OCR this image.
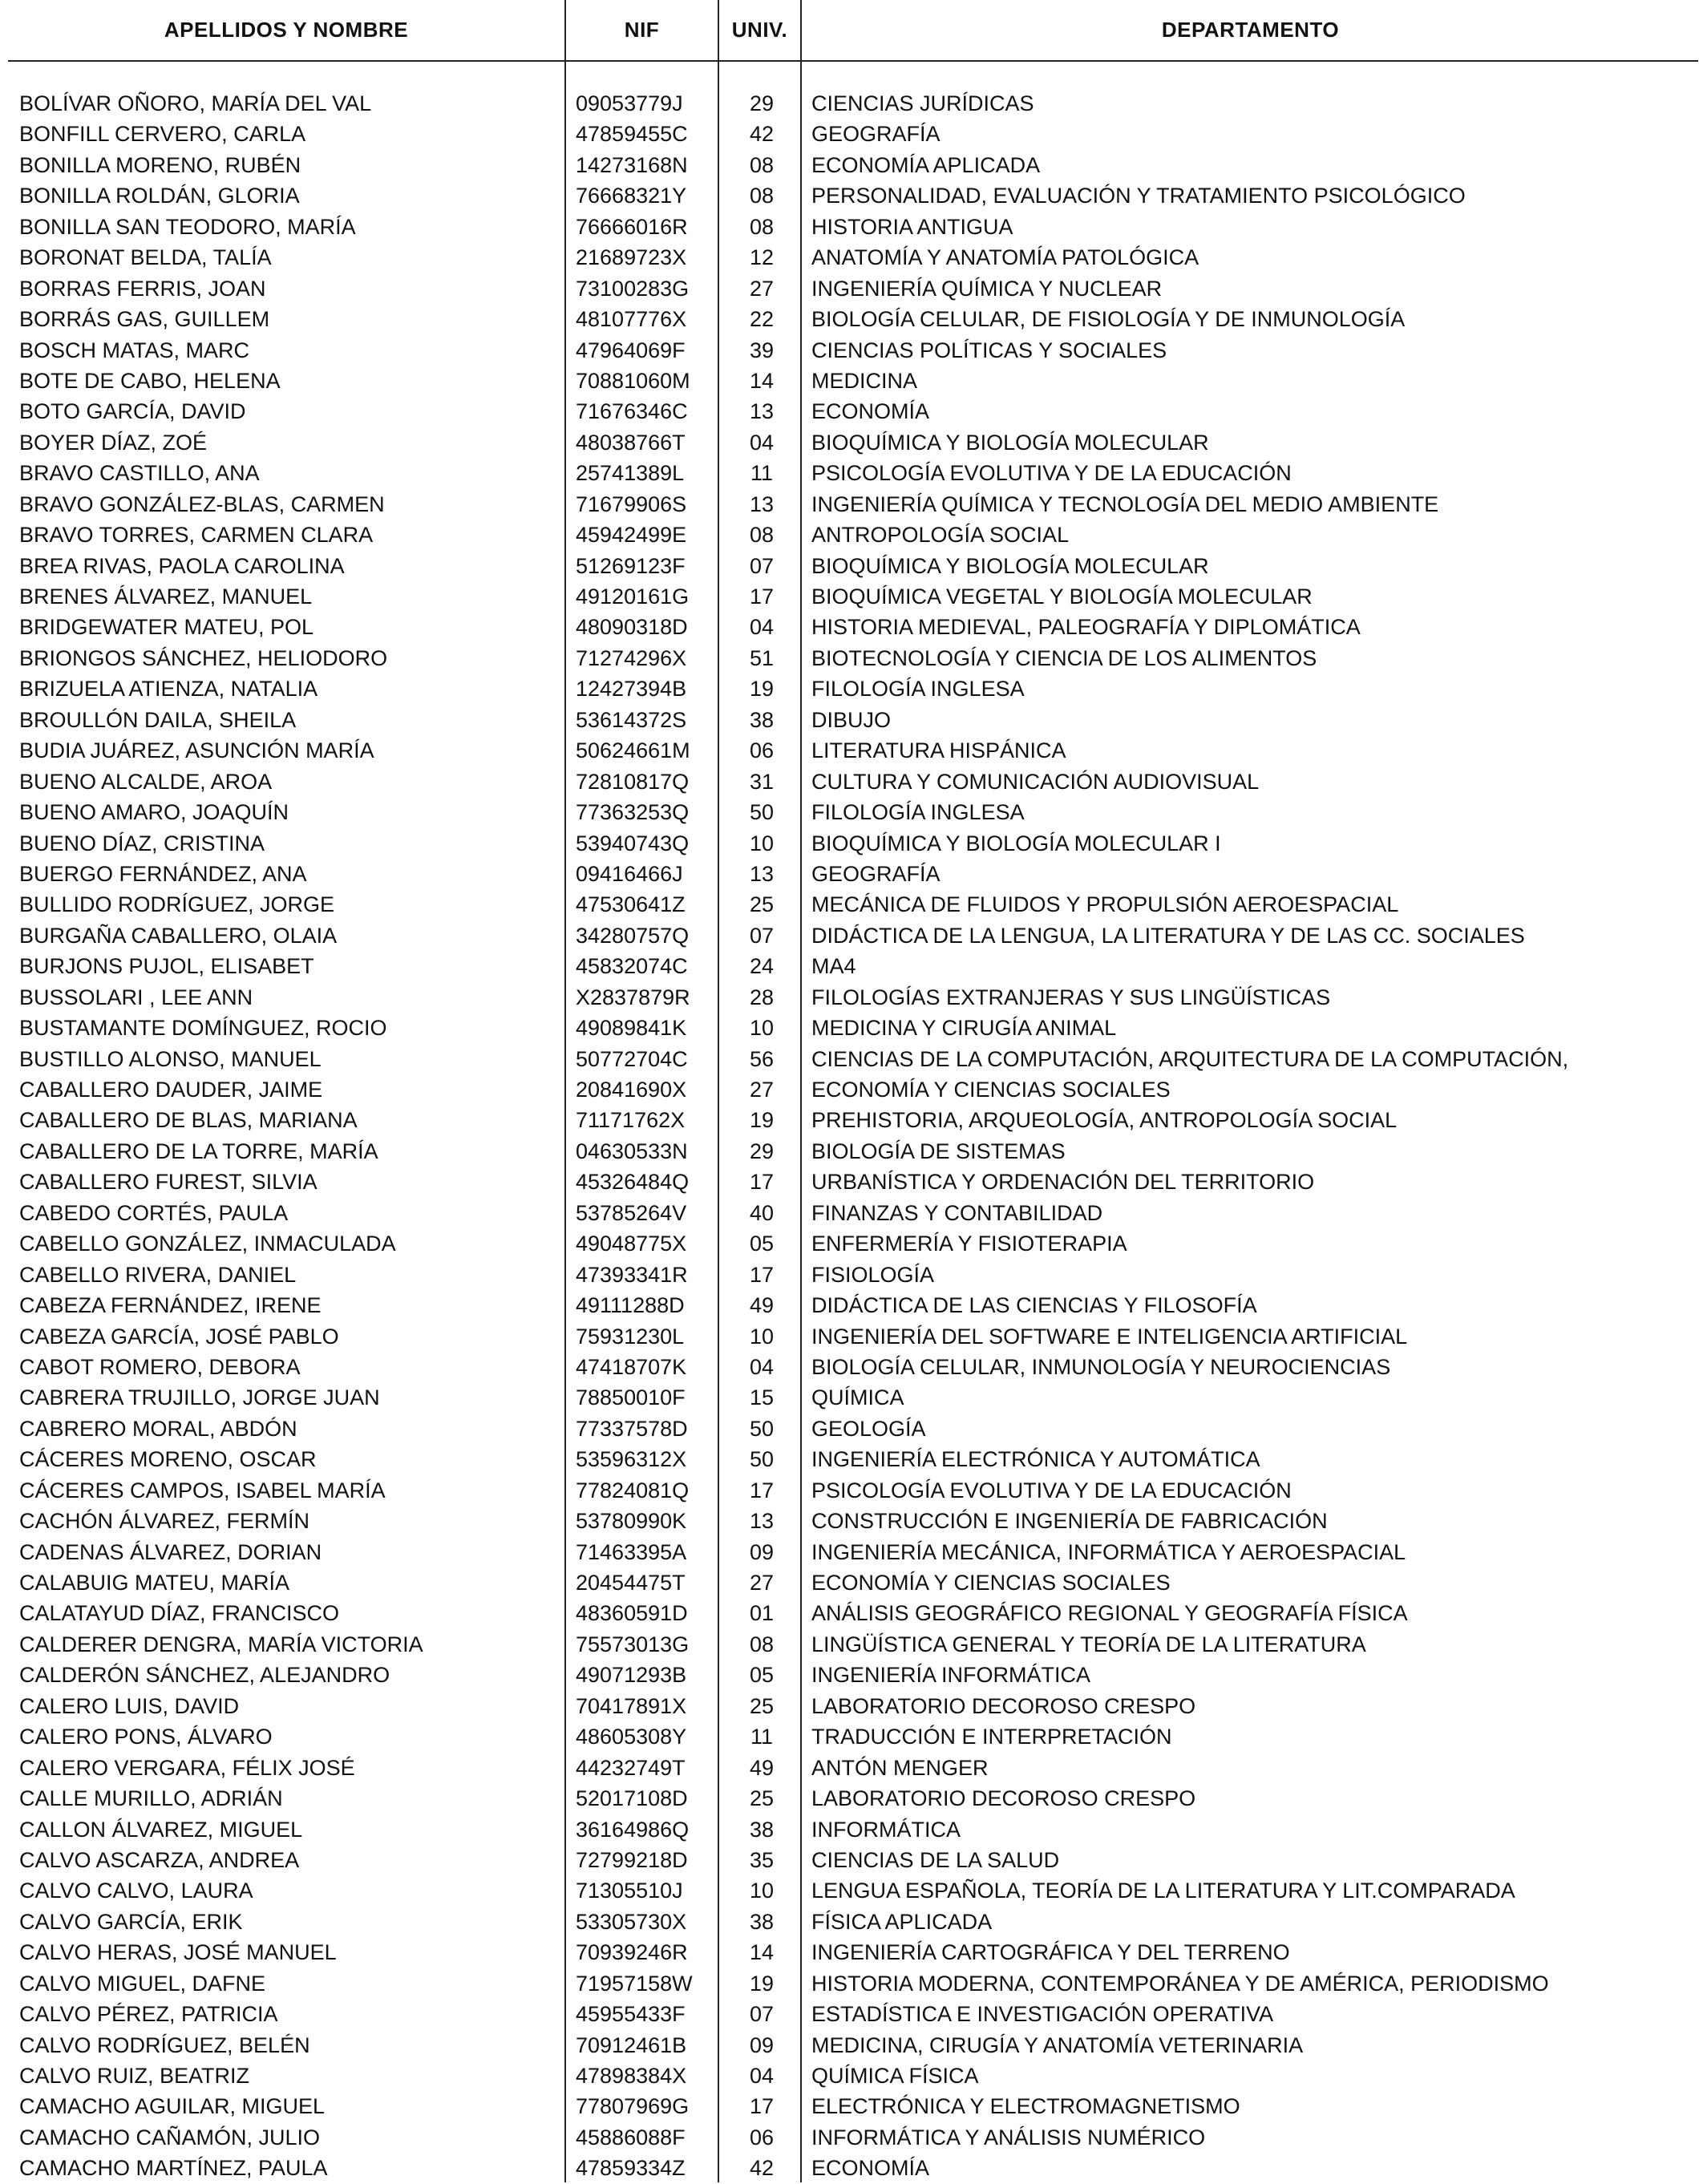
APELLIDOS Y NOMBRE	NIF	UNIV.	DEPARTAMENTO
BOLÍVAR OÑORO, MARÍA DEL VAL	09053779J	29	CIENCIAS JURÍDICAS
BONFILL CERVERO, CARLA	47859455C	42	GEOGRAFÍA
BONILLA MORENO, RUBÉN	14273168N	08	ECONOMÍA APLICADA
BONILLA ROLDÁN, GLORIA	76668321Y	08	PERSONALIDAD, EVALUACIÓN Y TRATAMIENTO PSICOLÓGICO
BONILLA SAN TEODORO, MARÍA	76666016R	08	HISTORIA ANTIGUA
BORONAT BELDA, TALÍA	21689723X	12	ANATOMÍA Y ANATOMÍA PATOLÓGICA
BORRAS FERRIS, JOAN	73100283G	27	INGENIERÍA QUÍMICA Y NUCLEAR
BORRÁS GAS, GUILLEM	48107776X	22	BIOLOGÍA CELULAR, DE FISIOLOGÍA Y DE INMUNOLOGÍA
BOSCH MATAS, MARC	47964069F	39	CIENCIAS POLÍTICAS Y SOCIALES
BOTE DE CABO, HELENA	70881060M	14	MEDICINA
BOTO GARCÍA, DAVID	71676346C	13	ECONOMÍA
BOYER DÍAZ, ZOÉ	48038766T	04	BIOQUÍMICA Y BIOLOGÍA MOLECULAR
BRAVO CASTILLO, ANA	25741389L	11	PSICOLOGÍA EVOLUTIVA Y DE LA EDUCACIÓN
BRAVO GONZÁLEZ-BLAS, CARMEN	71679906S	13	INGENIERÍA QUÍMICA Y TECNOLOGÍA DEL MEDIO AMBIENTE
BRAVO TORRES, CARMEN CLARA	45942499E	08	ANTROPOLOGÍA SOCIAL
BREA RIVAS, PAOLA CAROLINA	51269123F	07	BIOQUÍMICA Y BIOLOGÍA MOLECULAR
BRENES ÁLVAREZ, MANUEL	49120161G	17	BIOQUÍMICA VEGETAL Y BIOLOGÍA MOLECULAR
BRIDGEWATER MATEU, POL	48090318D	04	HISTORIA MEDIEVAL, PALEOGRAFÍA Y DIPLOMÁTICA
BRIONGOS SÁNCHEZ, HELIODORO	71274296X	51	BIOTECNOLOGÍA Y CIENCIA DE LOS ALIMENTOS
BRIZUELA ATIENZA, NATALIA	12427394B	19	FILOLOGÍA INGLESA
BROULLÓN DAILA, SHEILA	53614372S	38	DIBUJO
BUDIA JUÁREZ, ASUNCIÓN MARÍA	50624661M	06	LITERATURA HISPÁNICA
BUENO ALCALDE, AROA	72810817Q	31	CULTURA Y COMUNICACIÓN AUDIOVISUAL
BUENO AMARO, JOAQUÍN	77363253Q	50	FILOLOGÍA INGLESA
BUENO DÍAZ, CRISTINA	53940743Q	10	BIOQUÍMICA Y BIOLOGÍA MOLECULAR I
BUERGO FERNÁNDEZ, ANA	09416466J	13	GEOGRAFÍA
BULLIDO RODRÍGUEZ, JORGE	47530641Z	25	MECÁNICA DE FLUIDOS Y PROPULSIÓN AEROESPACIAL
BURGAÑA CABALLERO, OLAIA	34280757Q	07	DIDÁCTICA DE LA LENGUA, LA LITERATURA Y DE LAS CC. SOCIALES
BURJONS PUJOL, ELISABET	45832074C	24	MA4
BUSSOLARI , LEE ANN	X2837879R	28	FILOLOGÍAS EXTRANJERAS Y SUS LINGÜÍSTICAS
BUSTAMANTE DOMÍNGUEZ, ROCIO	49089841K	10	MEDICINA Y CIRUGÍA ANIMAL
BUSTILLO ALONSO, MANUEL	50772704C	56	CIENCIAS DE LA COMPUTACIÓN, ARQUITECTURA DE LA COMPUTACIÓN,
CABALLERO DAUDER, JAIME	20841690X	27	ECONOMÍA Y CIENCIAS SOCIALES
CABALLERO DE BLAS, MARIANA	71171762X	19	PREHISTORIA, ARQUEOLOGÍA, ANTROPOLOGÍA SOCIAL
CABALLERO DE LA TORRE, MARÍA	04630533N	29	BIOLOGÍA DE SISTEMAS
CABALLERO FUREST, SILVIA	45326484Q	17	URBANÍSTICA Y ORDENACIÓN DEL TERRITORIO
CABEDO CORTÉS, PAULA	53785264V	40	FINANZAS Y CONTABILIDAD
CABELLO GONZÁLEZ, INMACULADA	49048775X	05	ENFERMERÍA Y FISIOTERAPIA
CABELLO RIVERA, DANIEL	47393341R	17	FISIOLOGÍA
CABEZA FERNÁNDEZ, IRENE	49111288D	49	DIDÁCTICA DE LAS CIENCIAS Y FILOSOFÍA
CABEZA GARCÍA, JOSÉ PABLO	75931230L	10	INGENIERÍA DEL SOFTWARE E INTELIGENCIA ARTIFICIAL
CABOT ROMERO, DEBORA	47418707K	04	BIOLOGÍA CELULAR, INMUNOLOGÍA Y NEUROCIENCIAS
CABRERA TRUJILLO, JORGE JUAN	78850010F	15	QUÍMICA
CABRERO MORAL, ABDÓN	77337578D	50	GEOLOGÍA
CÁCERES MORENO, OSCAR	53596312X	50	INGENIERÍA ELECTRÓNICA Y AUTOMÁTICA
CÁCERES CAMPOS, ISABEL MARÍA	77824081Q	17	PSICOLOGÍA EVOLUTIVA Y DE LA EDUCACIÓN
CACHÓN ÁLVAREZ, FERMÍN	53780990K	13	CONSTRUCCIÓN E INGENIERÍA DE FABRICACIÓN
CADENAS ÁLVAREZ, DORIAN	71463395A	09	INGENIERÍA MECÁNICA, INFORMÁTICA Y AEROESPACIAL
CALABUIG MATEU, MARÍA	20454475T	27	ECONOMÍA Y CIENCIAS SOCIALES
CALATAYUD DÍAZ, FRANCISCO	48360591D	01	ANÁLISIS GEOGRÁFICO REGIONAL Y GEOGRAFÍA FÍSICA
CALDERER DENGRA, MARÍA VICTORIA	75573013G	08	LINGÜÍSTICA GENERAL Y TEORÍA DE LA LITERATURA
CALDERÓN SÁNCHEZ, ALEJANDRO	49071293B	05	INGENIERÍA INFORMÁTICA
CALERO LUIS, DAVID	70417891X	25	LABORATORIO DECOROSO CRESPO
CALERO PONS, ÁLVARO	48605308Y	11	TRADUCCIÓN E INTERPRETACIÓN
CALERO VERGARA, FÉLIX JOSÉ	44232749T	49	ANTÓN MENGER
CALLE MURILLO, ADRIÁN	52017108D	25	LABORATORIO DECOROSO CRESPO
CALLON ÁLVAREZ, MIGUEL	36164986Q	38	INFORMÁTICA
CALVO ASCARZA, ANDREA	72799218D	35	CIENCIAS DE LA SALUD
CALVO CALVO, LAURA	71305510J	10	LENGUA ESPAÑOLA, TEORÍA DE LA LITERATURA Y LIT.COMPARADA
CALVO GARCÍA, ERIK	53305730X	38	FÍSICA APLICADA
CALVO HERAS, JOSÉ MANUEL	70939246R	14	INGENIERÍA CARTOGRÁFICA Y DEL TERRENO
CALVO MIGUEL, DAFNE	71957158W	19	HISTORIA MODERNA, CONTEMPORÁNEA Y DE AMÉRICA, PERIODISMO
CALVO PÉREZ, PATRICIA	45955433F	07	ESTADÍSTICA E INVESTIGACIÓN OPERATIVA
CALVO RODRÍGUEZ, BELÉN	70912461B	09	MEDICINA, CIRUGÍA Y ANATOMÍA VETERINARIA
CALVO RUIZ, BEATRIZ	47898384X	04	QUÍMICA FÍSICA
CAMACHO AGUILAR, MIGUEL	77807969G	17	ELECTRÓNICA Y ELECTROMAGNETISMO
CAMACHO CAÑAMÓN, JULIO	45886088F	06	INFORMÁTICA Y ANÁLISIS NUMÉRICO
CAMACHO MARTÍNEZ, PAULA	47859334Z	42	ECONOMÍA
